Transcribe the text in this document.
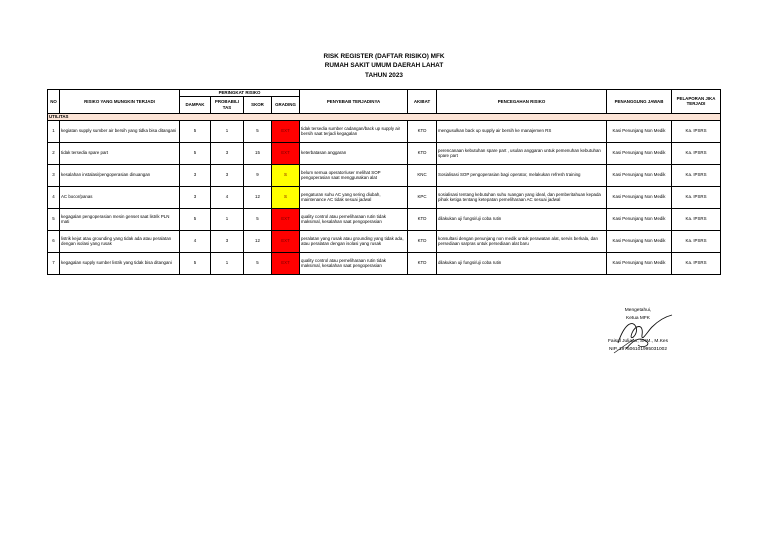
RISK REGISTER (DAFTAR RISIKO) MFK
RUMAH SAKIT UMUM DAERAH LAHAT
TAHUN 2023
NO	RISIKO YANG MUNGKIN TERJADI	PERINGKAT RISIKO				PENYEBAB TERJADINYA	AKIBAT	PENCEGAHAN RISIKO	PENANGGUNG JAWAB	PELAPORAN JIKA TERJADI
		DAMPAK	PROBABILI TAS	SKOR	GRADING					
UTILITAS										
1	kegiatan supply sumber air bersih yang tidka bisa ditangani	5	1	5	EXT	tidak tersedia sumber cadangan/back up supply air bersih saat terjadi kegagalan	KTD	mengusulkan back up supply air bersih ke manajemen RS	Kasi Penunjang Non Medik	Ka. IPSRS
2	tidak tersedia spare part	5	3	15	EXT	keterbatasan anggaran	KTD	perencanaan kebutuhan spare part , usulan anggaran untuk pemenuhan kebutuhan spare part	Kasi Penunjang Non Medik	Ka. IPSRS
3	kesalahan instalasi/pengoperasian dinuangan	3	3	9	S	belum semua operator/user melihat SOP pengoperasian saat menggunakan alat	KNC	Sosialisasi SOP pengoperasian bagi operator, melakukan refresh training	Kasi Penunjang Non Medik	Ka. IPSRS
4	AC bocor/panas	3	4	12	S	pengaturan suhu AC yang sering diubah, maintenance AC tidak sesuai jadwal	KPC	sosialisasi tentang kebutuhan suhu ruangan yang ideal, dan pemberitahuan kepada pihak ketiga tentang ketepatan pemeliharaan AC sesuai jadwal	Kasi Penunjang Non Medik	Ka. IPSRS
5	kegagalan pengoperasian mesin genset saat listrik PLN mati	5	1	5	EXT	quality control atau pemeliharaan rutin tidak maksimal, kesalahan saat pengoperasian	KTD	dilakukan uji fungsi/uji coba rutin	Kasi Penunjang Non Medik	Ka. IPSRS
6	listrik kejut atau grounding yang tidak ada atau peralatan dengan isolasi yang rusak	4	3	12	EXT	peralatan yang rusak atau grounding yang tidak ada, atau peralatan dengan isolasi yang rusak	KTD	konsultasi dengan penunjang non medik untuk perawatan alat, servis berkala, dan persediaan sarpras untuk persediaan alat baru	Kasi Penunjang Non Medik	Ka. IPSRS
7	kegagalan supply sumber listrik yang tidak bisa ditangani	5	1	5	EXT	quality control atau pemeliharaan rutin tidak maksimal, kesalahan saat pengoperasian	KTD	dilakukan uji fungsi/uji coba rutin	Kasi Penunjang Non Medik	Ka. IPSRS
Mengetahui,
Ketua MFK
Faisal Juliaan, SKM., M.Kes
NIP. 197506101995031002
